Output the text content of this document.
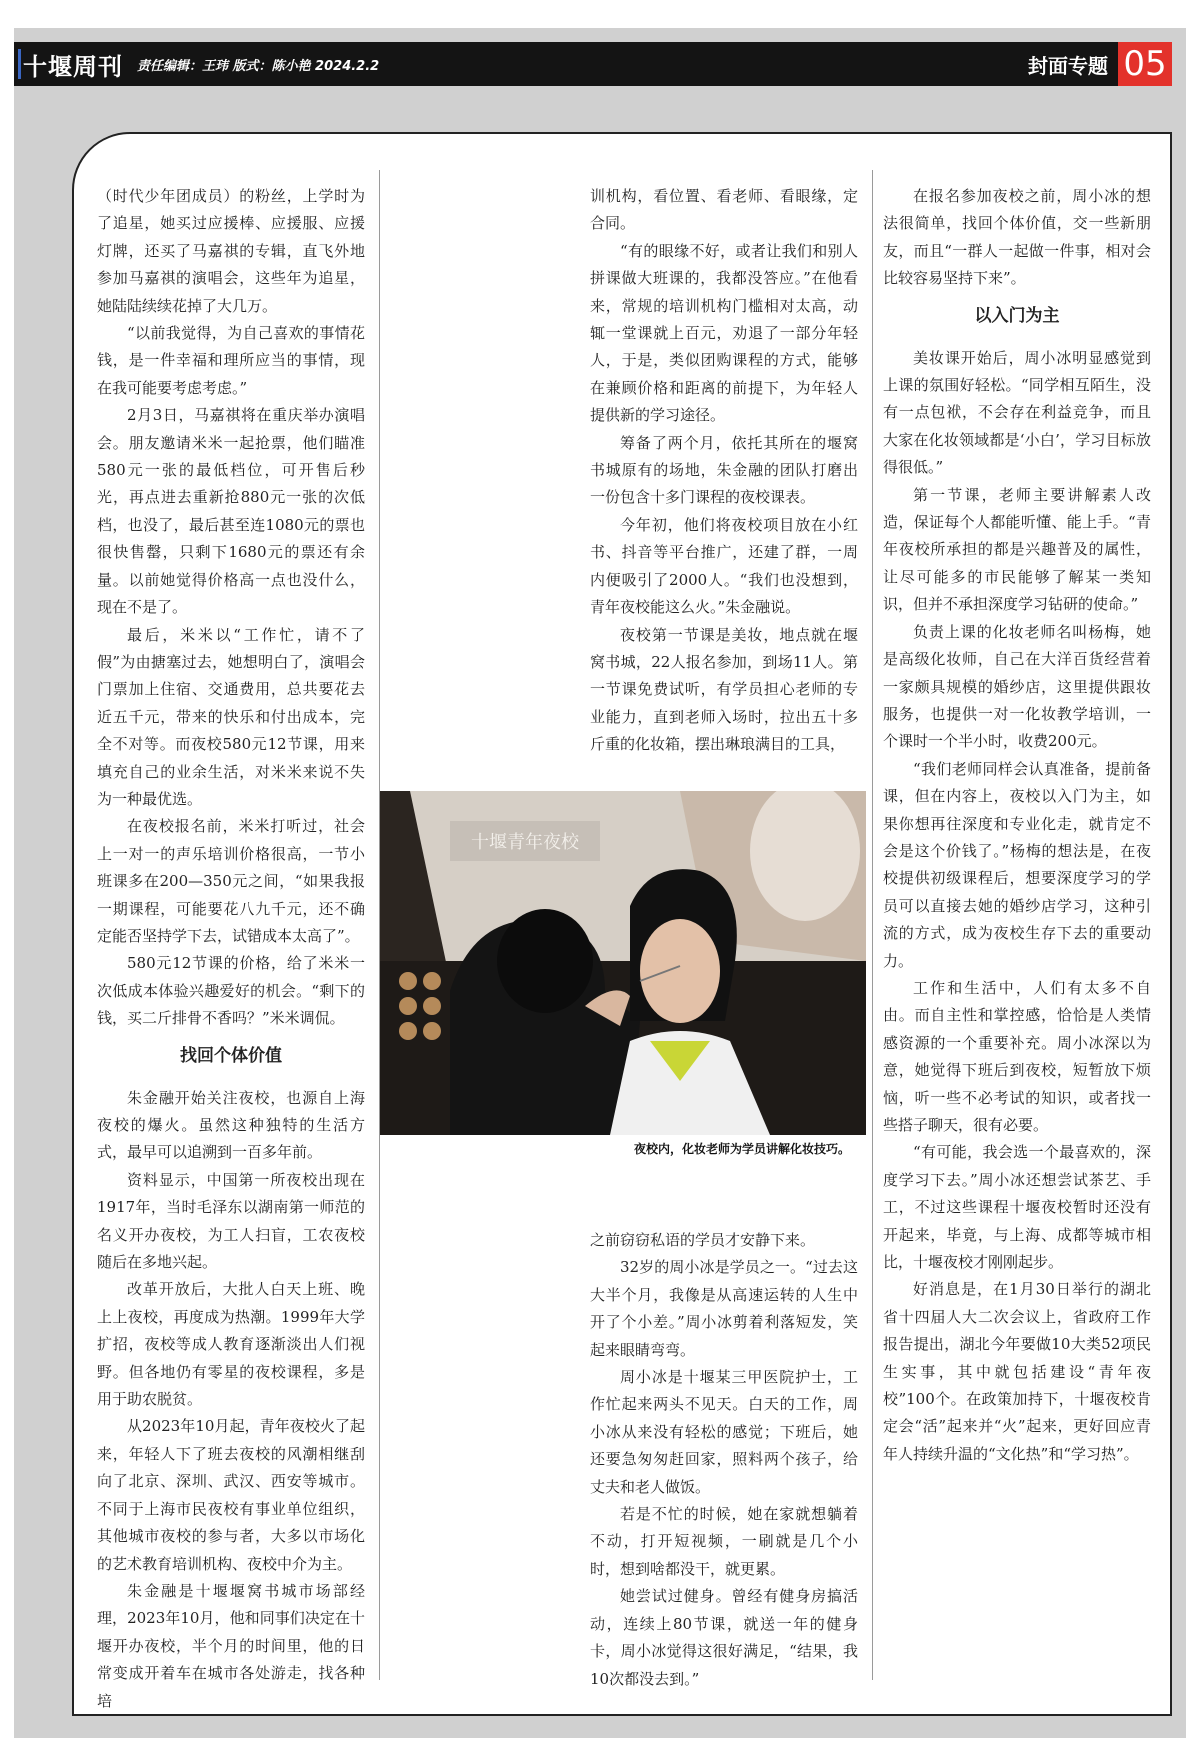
十堰周刊 责任编辑：王玮 版式：陈小艳 2024.2.2	封面专题 05

（时代少年团成员）的粉丝，上学时为了追星，她买过应援棒、应援服、应援灯牌，还买了马嘉祺的专辑，直飞外地参加马嘉祺的演唱会，这些年为追星，她陆陆续续花掉了大几万。

“以前我觉得，为自己喜欢的事情花钱，是一件幸福和理所应当的事情，现在我可能要考虑考虑。”

2月3日，马嘉祺将在重庆举办演唱会。朋友邀请米米一起抢票，他们瞄准580元一张的最低档位，可开售后秒光，再点进去重新抢880元一张的次低档，也没了，最后甚至连1080元的票也很快售罄，只剩下1680元的票还有余量。以前她觉得价格高一点也没什么，现在不是了。

最后，米米以“工作忙，请不了假”为由搪塞过去，她想明白了，演唱会门票加上住宿、交通费用，总共要花去近五千元，带来的快乐和付出成本，完全不对等。而夜校580元12节课，用来填充自己的业余生活，对米米来说不失为一种最优选。

在夜校报名前，米米打听过，社会上一对一的声乐培训价格很高，一节小班课多在200—350元之间，“如果我报一期课程，可能要花八九千元，还不确定能否坚持学下去，试错成本太高了”。

580元12节课的价格，给了米米一次低成本体验兴趣爱好的机会。“剩下的钱，买二斤排骨不香吗？”米米调侃。

找回个体价值

朱金融开始关注夜校，也源自上海夜校的爆火。虽然这种独特的生活方式，最早可以追溯到一百多年前。

资料显示，中国第一所夜校出现在1917年，当时毛泽东以湖南第一师范的名义开办夜校，为工人扫盲，工农夜校随后在多地兴起。

改革开放后，大批人白天上班、晚上上夜校，再度成为热潮。1999年大学扩招，夜校等成人教育逐渐淡出人们视野。但各地仍有零星的夜校课程，多是用于助农脱贫。

从2023年10月起，青年夜校火了起来，年轻人下了班去夜校的风潮相继刮向了北京、深圳、武汉、西安等城市。不同于上海市民夜校有事业单位组织，其他城市夜校的参与者，大多以市场化的艺术教育培训机构、夜校中介为主。

朱金融是十堰堰窝书城市场部经理，2023年10月，他和同事们决定在十堰开办夜校，半个月的时间里，他的日常变成开着车在城市各处游走，找各种培

训机构，看位置、看老师、看眼缘，定合同。

“有的眼缘不好，或者让我们和别人拼课做大班课的，我都没答应。”在他看来，常规的培训机构门槛相对太高，动辄一堂课就上百元，劝退了一部分年轻人，于是，类似团购课程的方式，能够在兼顾价格和距离的前提下，为年轻人提供新的学习途径。

筹备了两个月，依托其所在的堰窝书城原有的场地，朱金融的团队打磨出一份包含十多门课程的夜校课表。

今年初，他们将夜校项目放在小红书、抖音等平台推广，还建了群，一周内便吸引了2000人。“我们也没想到，青年夜校能这么火。”朱金融说。

夜校第一节课是美妆，地点就在堰窝书城，22人报名参加，到场11人。第一节课免费试听，有学员担心老师的专业能力，直到老师入场时，拉出五十多斤重的化妆箱，摆出琳琅满目的工具，

十堰青年夜校
夜校内，化妆老师为学员讲解化妆技巧。

之前窃窃私语的学员才安静下来。

32岁的周小冰是学员之一。“过去这大半个月，我像是从高速运转的人生中开了个小差。”周小冰剪着利落短发，笑起来眼睛弯弯。

周小冰是十堰某三甲医院护士，工作忙起来两头不见天。白天的工作，周小冰从来没有轻松的感觉；下班后，她还要急匆匆赶回家，照料两个孩子，给丈夫和老人做饭。

若是不忙的时候，她在家就想躺着不动，打开短视频，一刷就是几个小时，想到啥都没干，就更累。

她尝试过健身。曾经有健身房搞活动，连续上80节课，就送一年的健身卡，周小冰觉得这很好满足，“结果，我10次都没去到。”

在报名参加夜校之前，周小冰的想法很简单，找回个体价值，交一些新朋友，而且“一群人一起做一件事，相对会比较容易坚持下来”。

以入门为主

美妆课开始后，周小冰明显感觉到上课的氛围好轻松。“同学相互陌生，没有一点包袱，不会存在利益竞争，而且大家在化妆领域都是‘小白’，学习目标放得很低。”

第一节课，老师主要讲解素人改造，保证每个人都能听懂、能上手。“青年夜校所承担的都是兴趣普及的属性，让尽可能多的市民能够了解某一类知识，但并不承担深度学习钻研的使命。”

负责上课的化妆老师名叫杨梅，她是高级化妆师，自己在大洋百货经营着一家颇具规模的婚纱店，这里提供跟妆服务，也提供一对一化妆教学培训，一个课时一个半小时，收费200元。

“我们老师同样会认真准备，提前备课，但在内容上，夜校以入门为主，如果你想再往深度和专业化走，就肯定不会是这个价钱了。”杨梅的想法是，在夜校提供初级课程后，想要深度学习的学员可以直接去她的婚纱店学习，这种引流的方式，成为夜校生存下去的重要动力。

工作和生活中，人们有太多不自由。而自主性和掌控感，恰恰是人类情感资源的一个重要补充。周小冰深以为意，她觉得下班后到夜校，短暂放下烦恼，听一些不必考试的知识，或者找一些搭子聊天，很有必要。

“有可能，我会选一个最喜欢的，深度学习下去。”周小冰还想尝试茶艺、手工，不过这些课程十堰夜校暂时还没有开起来，毕竟，与上海、成都等城市相比，十堰夜校才刚刚起步。

好消息是，在1月30日举行的湖北省十四届人大二次会议上，省政府工作报告提出，湖北今年要做10大类52项民生实事，其中就包括建设“青年夜校”100个。在政策加持下，十堰夜校肯定会“活”起来并“火”起来，更好回应青年人持续升温的“文化热”和“学习热”。
